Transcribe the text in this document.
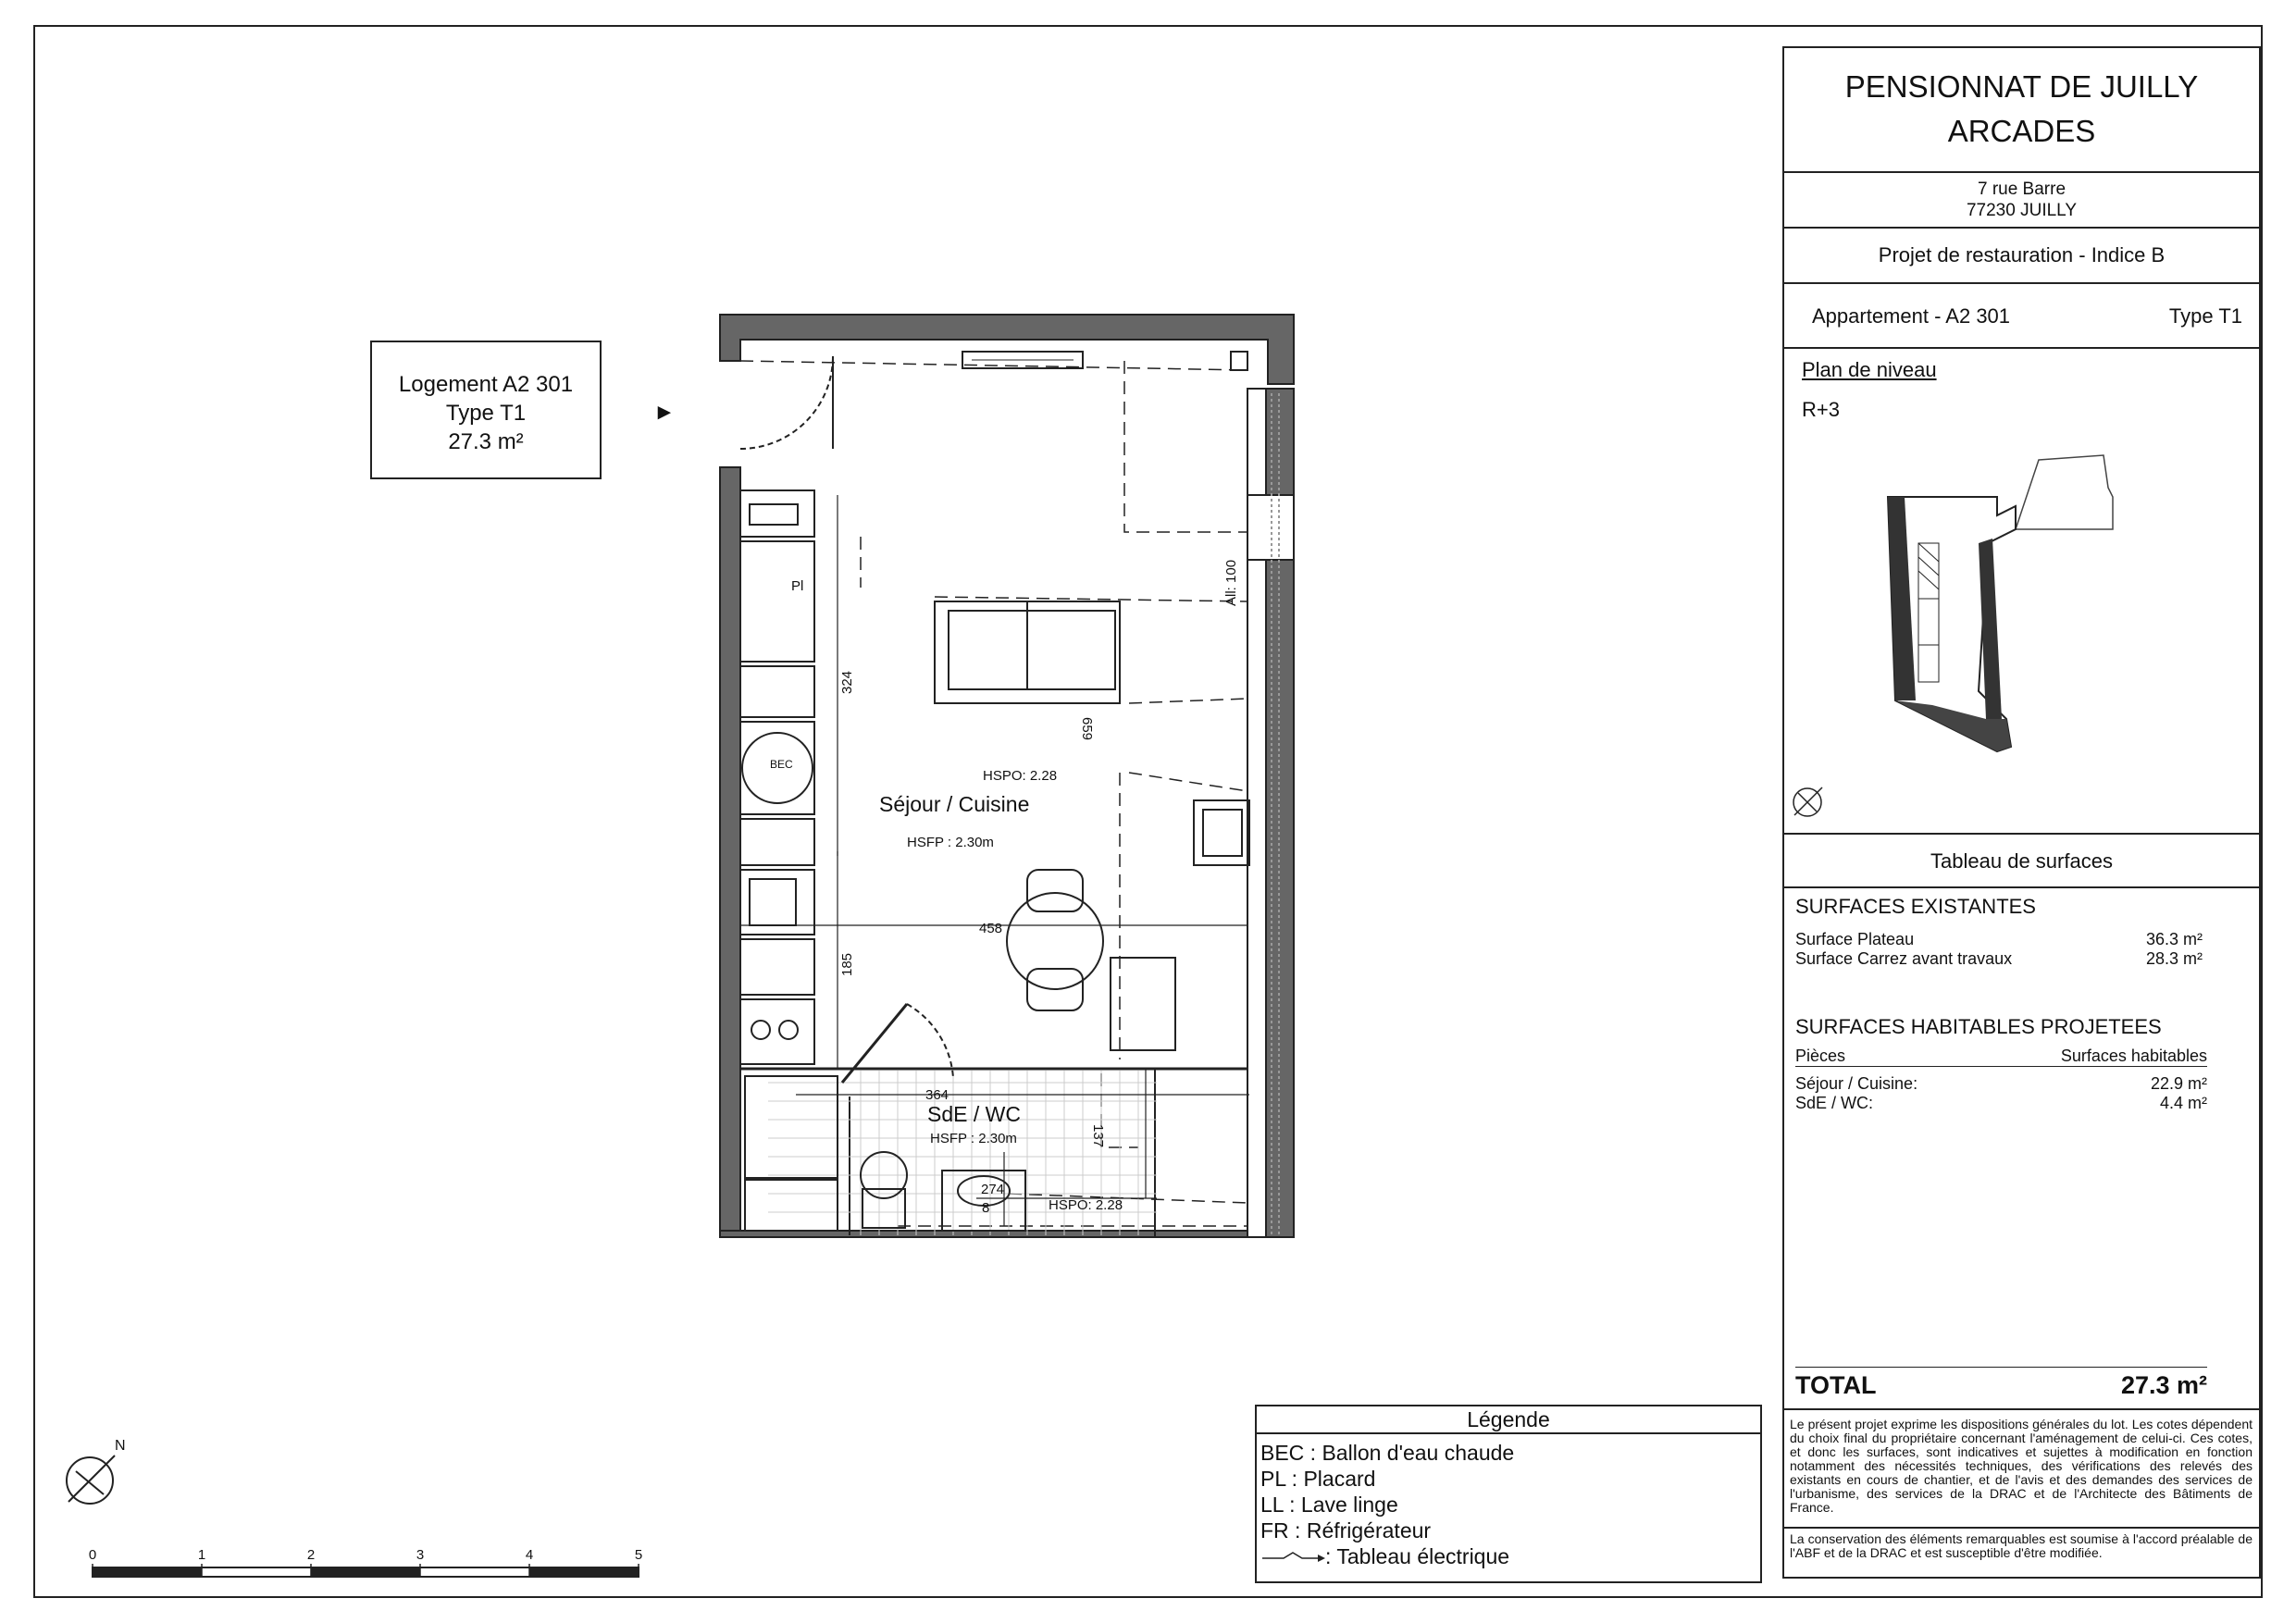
Logement A2 301
Type T1
27.3 m²
►
Pl
BEC
Séjour / Cuisine
HSFP : 2.30m
HSPO: 2.28
SdE / WC
HSFP : 2.30m
HSPO: 2.28
274
8
458
364
324
185
659
137
All: 100
N
0	1	2	3	4	5
Légende
BEC : Ballon d'eau chaude
PL : Placard
LL : Lave linge
FR : Réfrigérateur
: Tableau électrique
PENSIONNAT DE JUILLY
ARCADES
7 rue Barre
77230 JUILLY
Projet de restauration - Indice B
Appartement - A2 301	Type T1
Plan de niveau
R+3
Tableau de surfaces
SURFACES EXISTANTES
Surface Plateau	36.3 m²
Surface Carrez avant travaux	28.3 m²
SURFACES HABITABLES PROJETEES
Pièces	Surfaces habitables
Séjour / Cuisine:	22.9 m²
SdE / WC:	4.4 m²
TOTAL	27.3 m²
Le présent projet exprime les dispositions générales du lot. Les cotes dépendent du choix final du propriétaire concernant l'aménagement de celui-ci. Ces cotes, et donc les surfaces, sont indicatives et sujettes à modification en fonction notamment des nécessités techniques, des vérifications des relevés des existants en cours de chantier, et de l'avis et des demandes des services de l'urbanisme, des services de la DRAC et de l'Architecte des Bâtiments de France.
La conservation des éléments remarquables est soumise à l'accord préalable de l'ABF et de la DRAC et est susceptible d'être modifiée.
